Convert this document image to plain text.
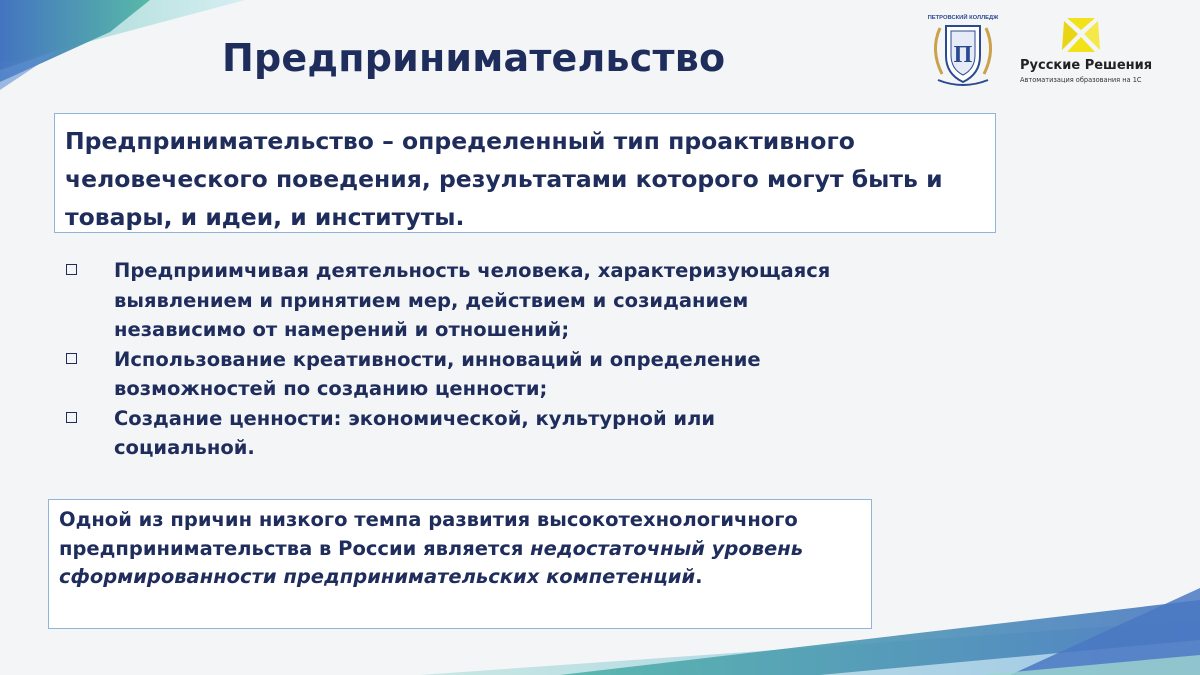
Предпринимательство
ПЕТРОВСКИЙ КОЛЛЕДЖ
П	Русские Решения
Автоматизация образования на 1С

Предпринимательство – определенный тип проактивного человеческого поведения, результатами которого могут быть и товары, и идеи, и институты.

Предприимчивая деятельность человека, характеризующаяся выявлением и принятием мер, действием и созиданием независимо от намерений и отношений;
Использование креативности, инноваций и определение возможностей по созданию ценности;
Создание ценности: экономической, культурной или социальной.

Одной из причин низкого темпа развития высокотехнологичного предпринимательства в России является недостаточный уровень сформированности предпринимательских компетенций.
